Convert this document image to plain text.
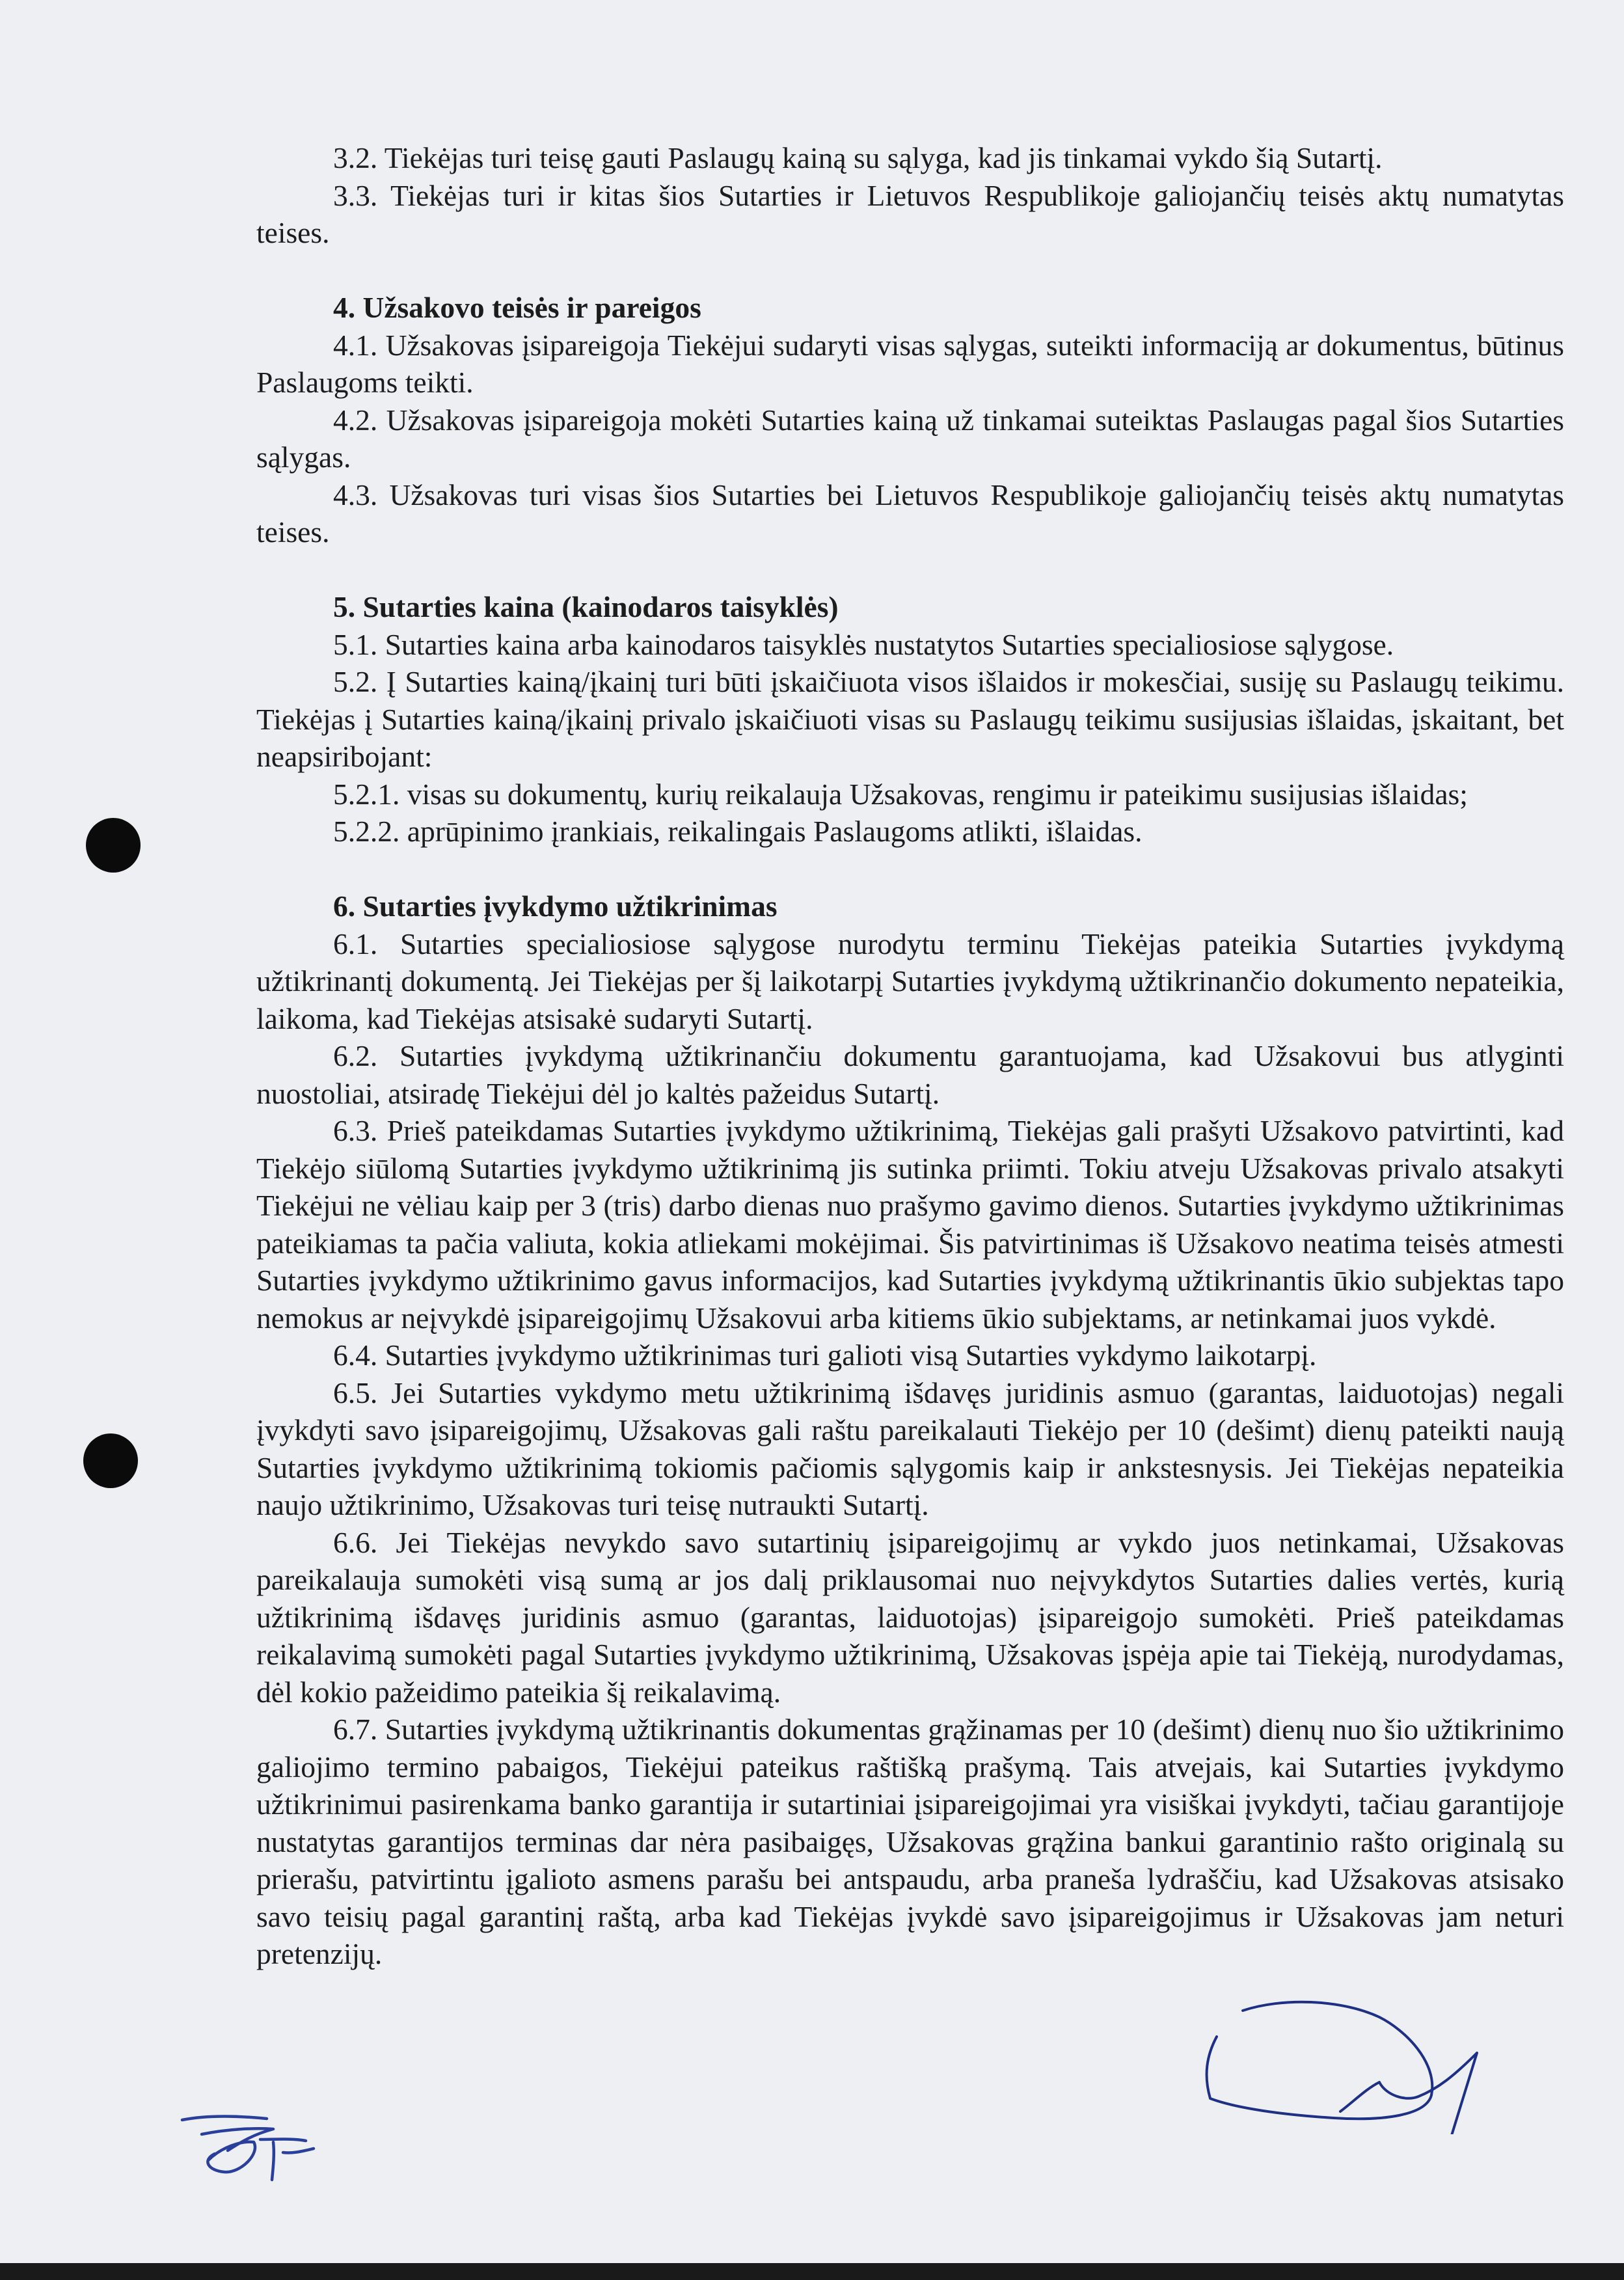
3.2. Tiekėjas turi teisę gauti Paslaugų kainą su sąlyga, kad jis tinkamai vykdo šią Sutartį.

3.3. Tiekėjas turi ir kitas šios Sutarties ir Lietuvos Respublikoje galiojančių teisės aktų numatytas teises.

4. Užsakovo teisės ir pareigos

4.1. Užsakovas įsipareigoja Tiekėjui sudaryti visas sąlygas, suteikti informaciją ar dokumentus, būtinus Paslaugoms teikti.

4.2. Užsakovas įsipareigoja mokėti Sutarties kainą už tinkamai suteiktas Paslaugas pagal šios Sutarties sąlygas.

4.3. Užsakovas turi visas šios Sutarties bei Lietuvos Respublikoje galiojančių teisės aktų numatytas teises.

5. Sutarties kaina (kainodaros taisyklės)

5.1. Sutarties kaina arba kainodaros taisyklės nustatytos Sutarties specialiosiose sąlygose.

5.2. Į Sutarties kainą/įkainį turi būti įskaičiuota visos išlaidos ir mokesčiai, susiję su Paslaugų teikimu. Tiekėjas į Sutarties kainą/įkainį privalo įskaičiuoti visas su Paslaugų teikimu susijusias išlaidas, įskaitant, bet neapsiribojant:

5.2.1. visas su dokumentų, kurių reikalauja Užsakovas, rengimu ir pateikimu susijusias išlaidas;

5.2.2. aprūpinimo įrankiais, reikalingais Paslaugoms atlikti, išlaidas.

6. Sutarties įvykdymo užtikrinimas

6.1. Sutarties specialiosiose sąlygose nurodytu terminu Tiekėjas pateikia Sutarties įvykdymą užtikrinantį dokumentą. Jei Tiekėjas per šį laikotarpį Sutarties įvykdymą užtikrinančio dokumento nepateikia, laikoma, kad Tiekėjas atsisakė sudaryti Sutartį.

6.2. Sutarties įvykdymą užtikrinančiu dokumentu garantuojama, kad Užsakovui bus atlyginti nuostoliai, atsiradę Tiekėjui dėl jo kaltės pažeidus Sutartį.

6.3. Prieš pateikdamas Sutarties įvykdymo užtikrinimą, Tiekėjas gali prašyti Užsakovo patvirtinti, kad Tiekėjo siūlomą Sutarties įvykdymo užtikrinimą jis sutinka priimti. Tokiu atveju Užsakovas privalo atsakyti Tiekėjui ne vėliau kaip per 3 (tris) darbo dienas nuo prašymo gavimo dienos. Sutarties įvykdymo užtikrinimas pateikiamas ta pačia valiuta, kokia atliekami mokėjimai. Šis patvirtinimas iš Užsakovo neatima teisės atmesti Sutarties įvykdymo užtikrinimo gavus informacijos, kad Sutarties įvykdymą užtikrinantis ūkio subjektas tapo nemokus ar neįvykdė įsipareigojimų Užsakovui arba kitiems ūkio subjektams, ar netinkamai juos vykdė.

6.4. Sutarties įvykdymo užtikrinimas turi galioti visą Sutarties vykdymo laikotarpį.

6.5. Jei Sutarties vykdymo metu užtikrinimą išdavęs juridinis asmuo (garantas, laiduotojas) negali įvykdyti savo įsipareigojimų, Užsakovas gali raštu pareikalauti Tiekėjo per 10 (dešimt) dienų pateikti naują Sutarties įvykdymo užtikrinimą tokiomis pačiomis sąlygomis kaip ir ankstesnysis. Jei Tiekėjas nepateikia naujo užtikrinimo, Užsakovas turi teisę nutraukti Sutartį.

6.6. Jei Tiekėjas nevykdo savo sutartinių įsipareigojimų ar vykdo juos netinkamai, Užsakovas pareikalauja sumokėti visą sumą ar jos dalį priklausomai nuo neįvykdytos Sutarties dalies vertės, kurią užtikrinimą išdavęs juridinis asmuo (garantas, laiduotojas) įsipareigojo sumokėti. Prieš pateikdamas reikalavimą sumokėti pagal Sutarties įvykdymo užtikrinimą, Užsakovas įspėja apie tai Tiekėją, nurodydamas, dėl kokio pažeidimo pateikia šį reikalavimą.

6.7. Sutarties įvykdymą užtikrinantis dokumentas grąžinamas per 10 (dešimt) dienų nuo šio užtikrinimo galiojimo termino pabaigos, Tiekėjui pateikus raštišką prašymą. Tais atvejais, kai Sutarties įvykdymo užtikrinimui pasirenkama banko garantija ir sutartiniai įsipareigojimai yra visiškai įvykdyti, tačiau garantijoje nustatytas garantijos terminas dar nėra pasibaigęs, Užsakovas grąžina bankui garantinio rašto originalą su prierašu, patvirtintu įgalioto asmens parašu bei antspaudu, arba praneša lydraščiu, kad Užsakovas atsisako savo teisių pagal garantinį raštą, arba kad Tiekėjas įvykdė savo įsipareigojimus ir Užsakovas jam neturi pretenzijų.
